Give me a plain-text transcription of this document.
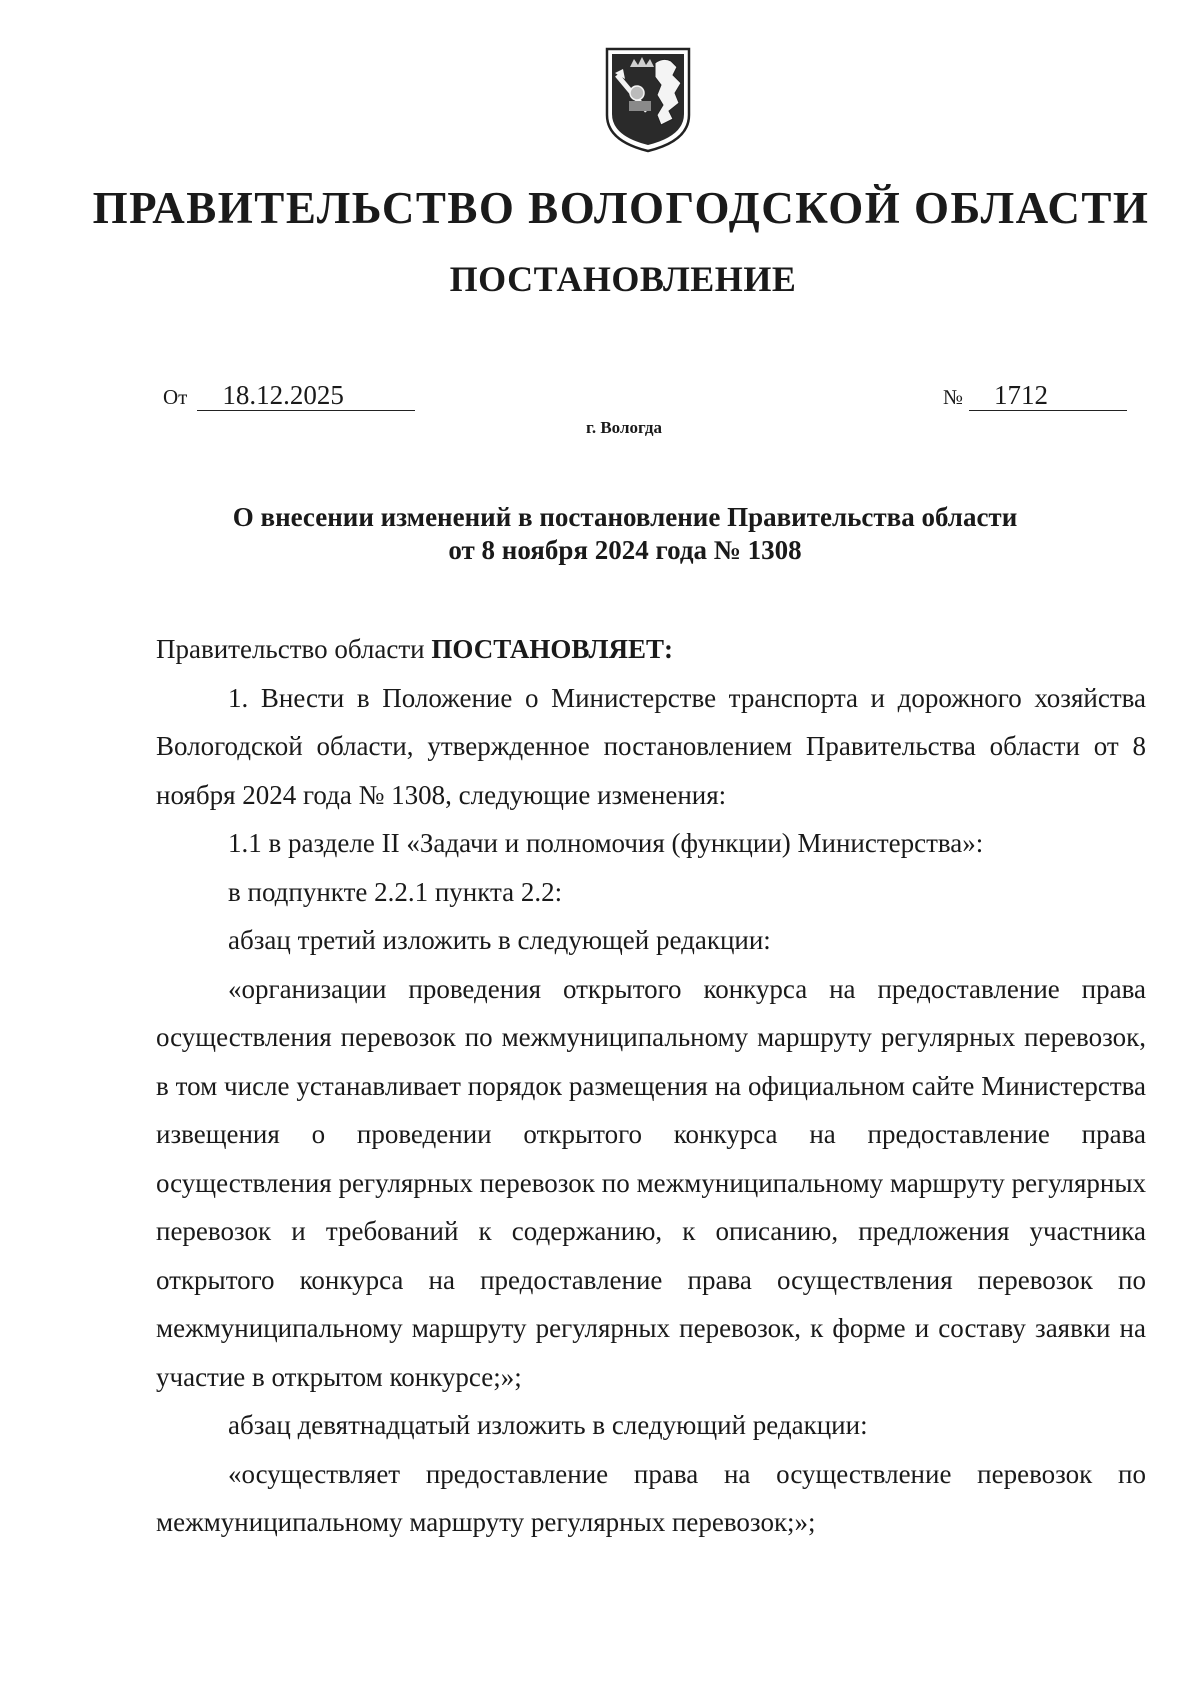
ПРАВИТЕЛЬСТВО ВОЛОГОДСКОЙ ОБЛАСТИ
ПОСТАНОВЛЕНИЕ
От 18.12.2025
г. Вологда
№ 1712
О внесении изменений в постановление Правительства области
от 8 ноября 2024 года № 1308

Правительство области ПОСТАНОВЛЯЕТ:

1. Внести в Положение о Министерстве транспорта и дорожного хозяйства Вологодской области, утвержденное постановлением Правительства области от 8 ноября 2024 года № 1308, следующие изменения:

1.1 в разделе II «Задачи и полномочия (функции) Министерства»:

в подпункте 2.2.1 пункта 2.2:

абзац третий изложить в следующей редакции:

«организации проведения открытого конкурса на предоставление права осуществления перевозок по межмуниципальному маршруту регулярных перевозок, в том числе устанавливает порядок размещения на официальном сайте Министерства извещения о проведении открытого конкурса на предоставление права осуществления регулярных перевозок по межмуниципальному маршруту регулярных перевозок и требований к содержанию, к описанию, предложения участника открытого конкурса на предоставление права осуществления перевозок по межмуниципальному маршруту регулярных перевозок, к форме и составу заявки на участие в открытом конкурсе;»;

абзац девятнадцатый изложить в следующий редакции:

«осуществляет предоставление права на осуществление перевозок по межмуниципальному маршруту регулярных перевозок;»;
